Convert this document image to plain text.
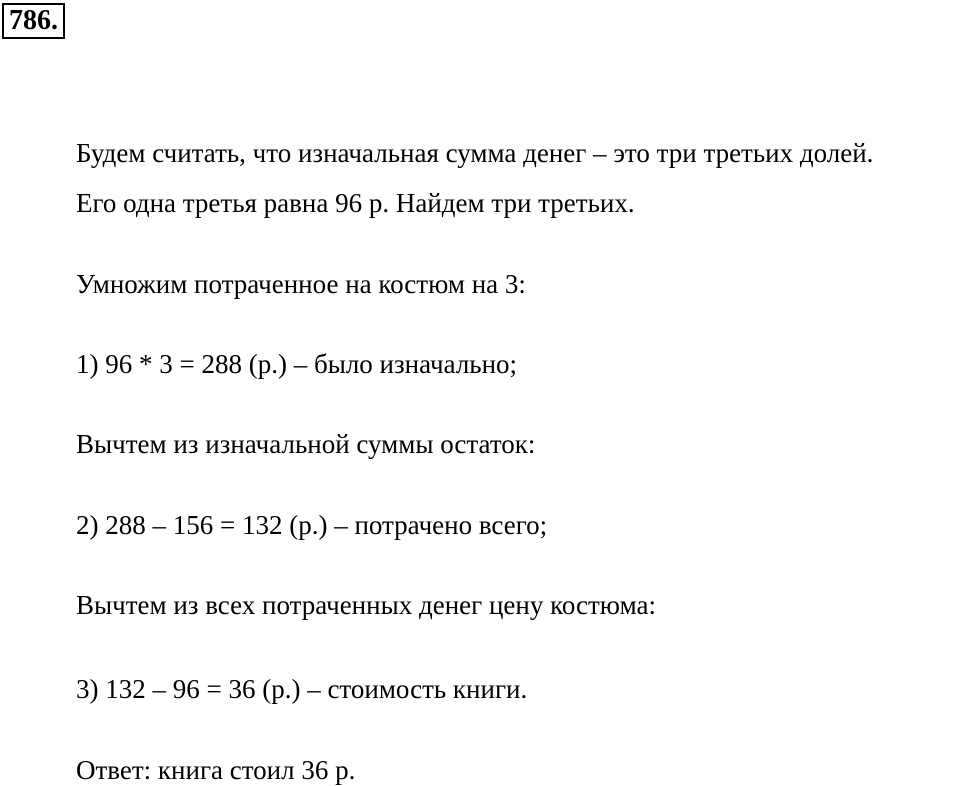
786.
Будем считать, что изначальная сумма денег – это три третьих долей.
Его одна третья равна 96 р. Найдем три третьих.
Умножим потраченное на костюм на 3:
1) 96 * 3 = 288 (р.) – было изначально;
Вычтем из изначальной суммы остаток:
2) 288 – 156 = 132 (р.) – потрачено всего;
Вычтем из всех потраченных денег цену костюма:
3) 132 – 96 = 36 (р.) – стоимость книги.
Ответ: книга стоил 36 р.
